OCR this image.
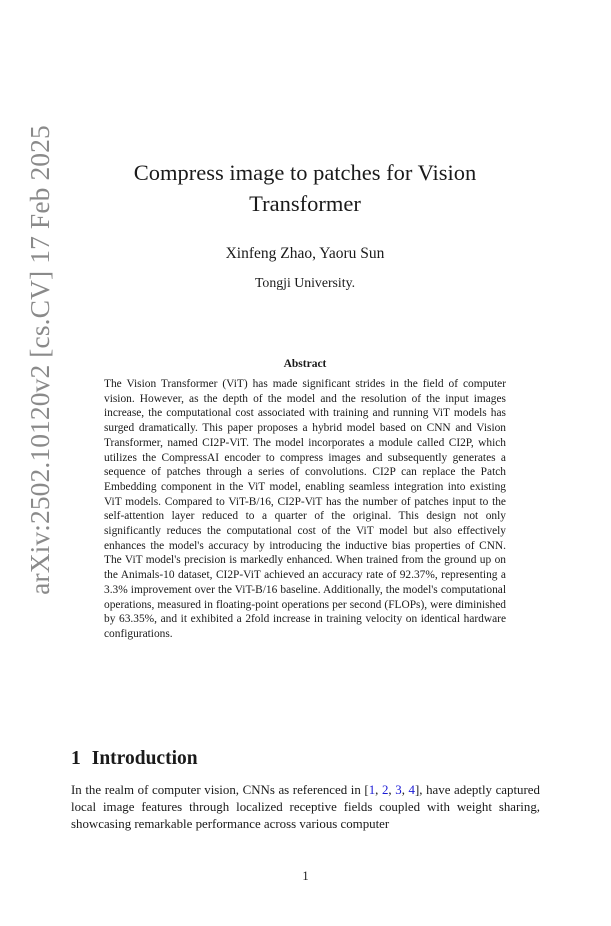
arXiv:2502.10120v2 [cs.CV] 17 Feb 2025	Compress image to patches for Vision Transformer
Xinfeng Zhao, Yaoru Sun
Tongji University.
Abstract

The Vision Transformer (ViT) has made significant strides in the field of computer vision. However, as the depth of the model and the resolution of the input images increase, the computational cost associated with training and running ViT models has surged dramatically. This paper proposes a hybrid model based on CNN and Vision Transformer, named CI2P-ViT. The model incorporates a module called CI2P, which utilizes the CompressAI encoder to compress images and subsequently generates a sequence of patches through a series of convolutions. CI2P can replace the Patch Embedding component in the ViT model, enabling seamless integration into existing ViT models. Compared to ViT-B/16, CI2P-ViT has the number of patches input to the self-attention layer reduced to a quarter of the original. This design not only significantly reduces the computational cost of the ViT model but also effectively enhances the model's accuracy by introducing the inductive bias properties of CNN. The ViT model's precision is markedly enhanced. When trained from the ground up on the Animals-10 dataset, CI2P-ViT achieved an accuracy rate of 92.37%, representing a 3.3% improvement over the ViT-B/16 baseline. Additionally, the model's computational operations, measured in floating-point operations per second (FLOPs), were diminished by 63.35%, and it exhibited a 2fold increase in training velocity on identical hardware configurations.

1 Introduction

In the realm of computer vision, CNNs as referenced in [1, 2, 3, 4], have adeptly captured local image features through localized receptive fields coupled with weight sharing, showcasing remarkable performance across various computer

1
